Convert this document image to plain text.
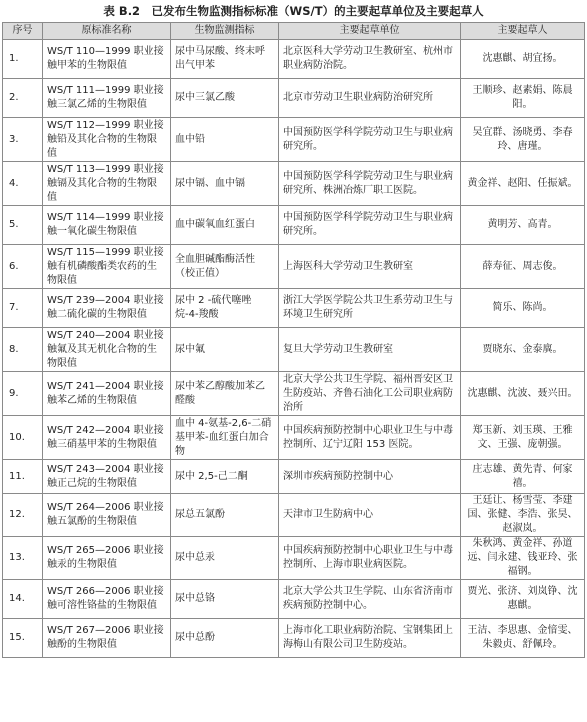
表 B.2　已发布生物监测指标标准（WS/T）的主要起草单位及主要起草人
序号	原标准名称	生物监测指标	主要起草单位	主要起草人
1.	WS/T 110—1999 职业接触甲苯的生物限值	尿中马尿酸、终末呼出气甲苯	北京医科大学劳动卫生教研室、杭州市职业病防治院。	沈惠麒、胡宜扬。
2.	WS/T 111—1999 职业接触三氯乙烯的生物限值	尿中三氯乙酸	北京市劳动卫生职业病防治研究所	王顺珍、赵素娟、陈晨阳。
3.	WS/T 112—1999 职业接触铅及其化合物的生物限值	血中铅	中国预防医学科学院劳动卫生与职业病研究所。	吴宜群、汤晓勇、李春玲、唐瑾。
4.	WS/T 113—1999 职业接触镉及其化合物的生物限值	尿中镉、血中镉	中国预防医学科学院劳动卫生与职业病研究所、株洲冶炼厂职工医院。	黄金祥、赵阳、任振斌。
5.	WS/T 114—1999 职业接触一氧化碳生物限值	血中碳氧血红蛋白	中国预防医学科学院劳动卫生与职业病研究所。	黄明芳、高青。
6.	WS/T 115—1999 职业接触有机磷酸酯类农药的生物限值	全血胆碱酯酶活性（校正值）	上海医科大学劳动卫生教研室	薛寿征、周志俊。
7.	WS/T 239—2004 职业接触二硫化碳的生物限值	尿中 2 -硫代噻唑烷-4-羧酸	浙江大学医学院公共卫生系劳动卫生与环境卫生研究所	简乐、陈尚。
8.	WS/T 240—2004 职业接触氟及其无机化合物的生物限值	尿中氟	复旦大学劳动卫生教研室	贾晓东、金泰廙。
9.	WS/T 241—2004 职业接触苯乙烯的生物限值	尿中苯乙醇酸加苯乙醛酸	北京大学公共卫生学院、福州晋安区卫生防疫站、齐鲁石油化工公司职业病防治所	沈惠麒、沈波、聂兴田。
10.	WS/T 242—2004 职业接触三硝基甲苯的生物限值	血中 4-氨基-2,6-二硝基甲苯-血红蛋白加合物	中国疾病预防控制中心职业卫生与中毒控制所、辽宁辽阳 153 医院。	郑玉新、刘玉瑛、王雅文、王强、庞朝强。
11.	WS/T 243—2004 职业接触正己烷的生物限值	尿中 2,5-己二酮	深圳市疾病预防控制中心	庄志雄、黄先青、何家禧。
12.	WS/T 264—2006 职业接触五氯酚的生物限值	尿总五氯酚	天津市卫生防病中心	王廷让、杨雪莹、李建国、张健、李浩、张昊、赵淑岚。
13.	WS/T 265—2006 职业接触汞的生物限值	尿中总汞	中国疾病预防控制中心职业卫生与中毒控制所、上海市职业病医院。	朱秋鸿、黄金祥、孙道远、闫永建、钱亚玲、张福钢。
14.	WS/T 266—2006 职业接触可溶性铬盐的生物限值	尿中总铬	北京大学公共卫生学院、山东省济南市疾病预防控制中心。	贾光、张济、刘岚铮、沈惠麒。
15.	WS/T 267—2006 职业接触酚的生物限值	尿中总酚	上海市化工职业病防治院、宝钢集团上海梅山有限公司卫生防疫站。	王洁、李思惠、金愔雯、朱毅贞、舒佩玲。
